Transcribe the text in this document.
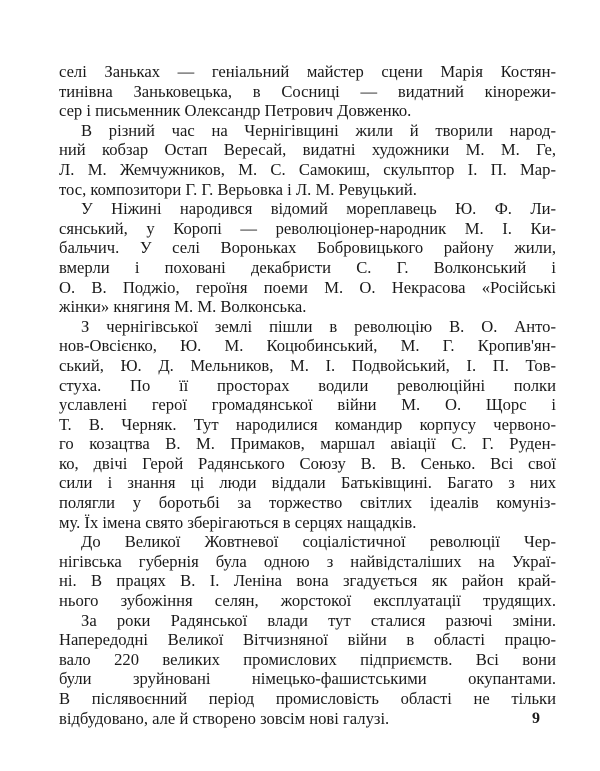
селі Заньках — геніальний майстер сцени Марія Костян-
тинівна Заньковецька, в Сосниці — видатний кінорежи-
сер і письменник Олександр Петрович Довженко.
В різний час на Чернігівщині жили й творили народ-
ний кобзар Остап Вересай, видатні художники М. М. Ге,
Л. М. Жемчужников, М. С. Самокиш, скульптор І. П. Мар-
тос, композитори Г. Г. Верьовка і Л. М. Ревуцький.
У Ніжині народився відомий мореплавець Ю. Ф. Ли-
сянський, у Коропі — революціонер-народник М. І. Ки-
бальчич. У селі Вороньках Бобровицького району жили,
вмерли і поховані декабристи С. Г. Волконський і
О. В. Поджіо, героїня поеми М. О. Некрасова «Російські
жінки» княгиня М. М. Волконська.
З чернігівської землі пішли в революцію В. О. Анто-
нов-Овсієнко, Ю. М. Коцюбинський, М. Г. Кропив'ян-
ський, Ю. Д. Мельников, М. І. Подвойський, І. П. Тов-
стуха. По її просторах водили революційні полки
уславлені герої громадянської війни М. О. Щорс і
Т. В. Черняк. Тут народилися командир корпусу червоно-
го козацтва В. М. Примаков, маршал авіації С. Г. Руден-
ко, двічі Герой Радянського Союзу В. В. Сенько. Всі свої
сили і знання ці люди віддали Батьківщині. Багато з них
полягли у боротьбі за торжество світлих ідеалів комуніз-
му. Їх імена свято зберігаються в серцях нащадків.
До Великої Жовтневої соціалістичної революції Чер-
нігівська губернія була одною з найвідсталіших на Украї-
ні. В працях В. І. Леніна вона згадується як район край-
нього зубожіння селян, жорстокої експлуатації трудящих.
За роки Радянської влади тут сталися разючі зміни.
Напередодні Великої Вітчизняної війни в області працю-
вало 220 великих промислових підприємств. Всі вони
були зруйновані німецько-фашистськими окупантами.
В післявоєнний період промисловість області не тільки
відбудовано, але й створено зовсім нові галузі.	9
